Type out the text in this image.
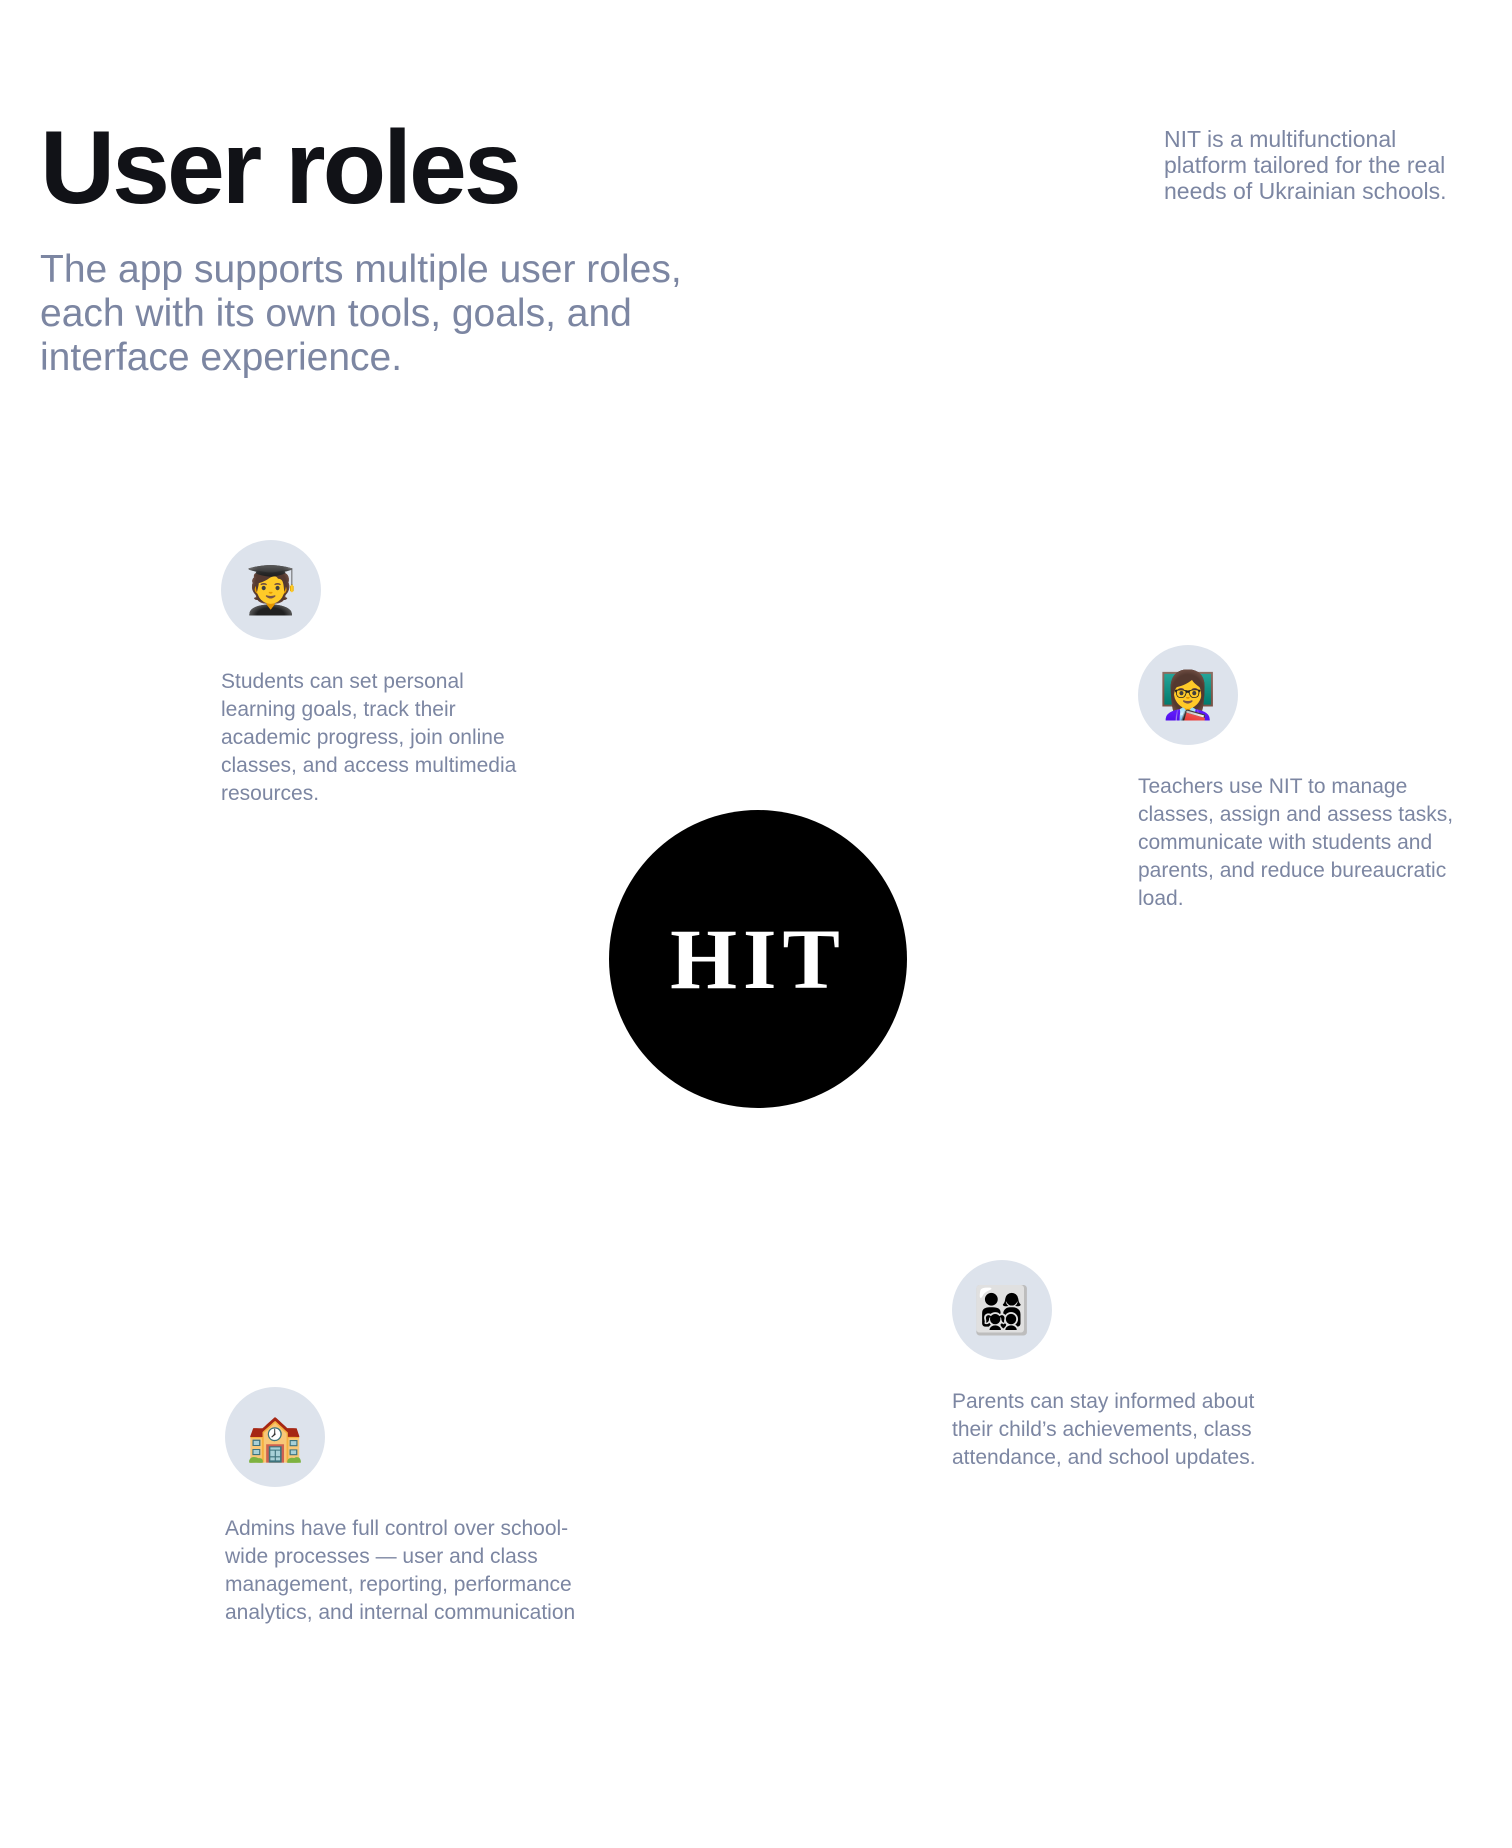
User roles

The app supports multiple user roles, each with its own tools, goals, and interface experience.

NIT is a multifunctional platform tailored for the real needs of Ukrainian schools.

🧑‍🎓

Students can set personal learning goals, track their academic progress, join online classes, and access multimedia resources.

👩‍🏫

Teachers use NIT to manage classes, assign and assess tasks, communicate with students and parents, and reduce bureaucratic load.

HIT
👨‍👩‍👧‍👦

Parents can stay informed about their child’s achievements, class attendance, and school updates.

🏫

Admins have full control over school-wide processes — user and class management, reporting, performance analytics, and internal communication
